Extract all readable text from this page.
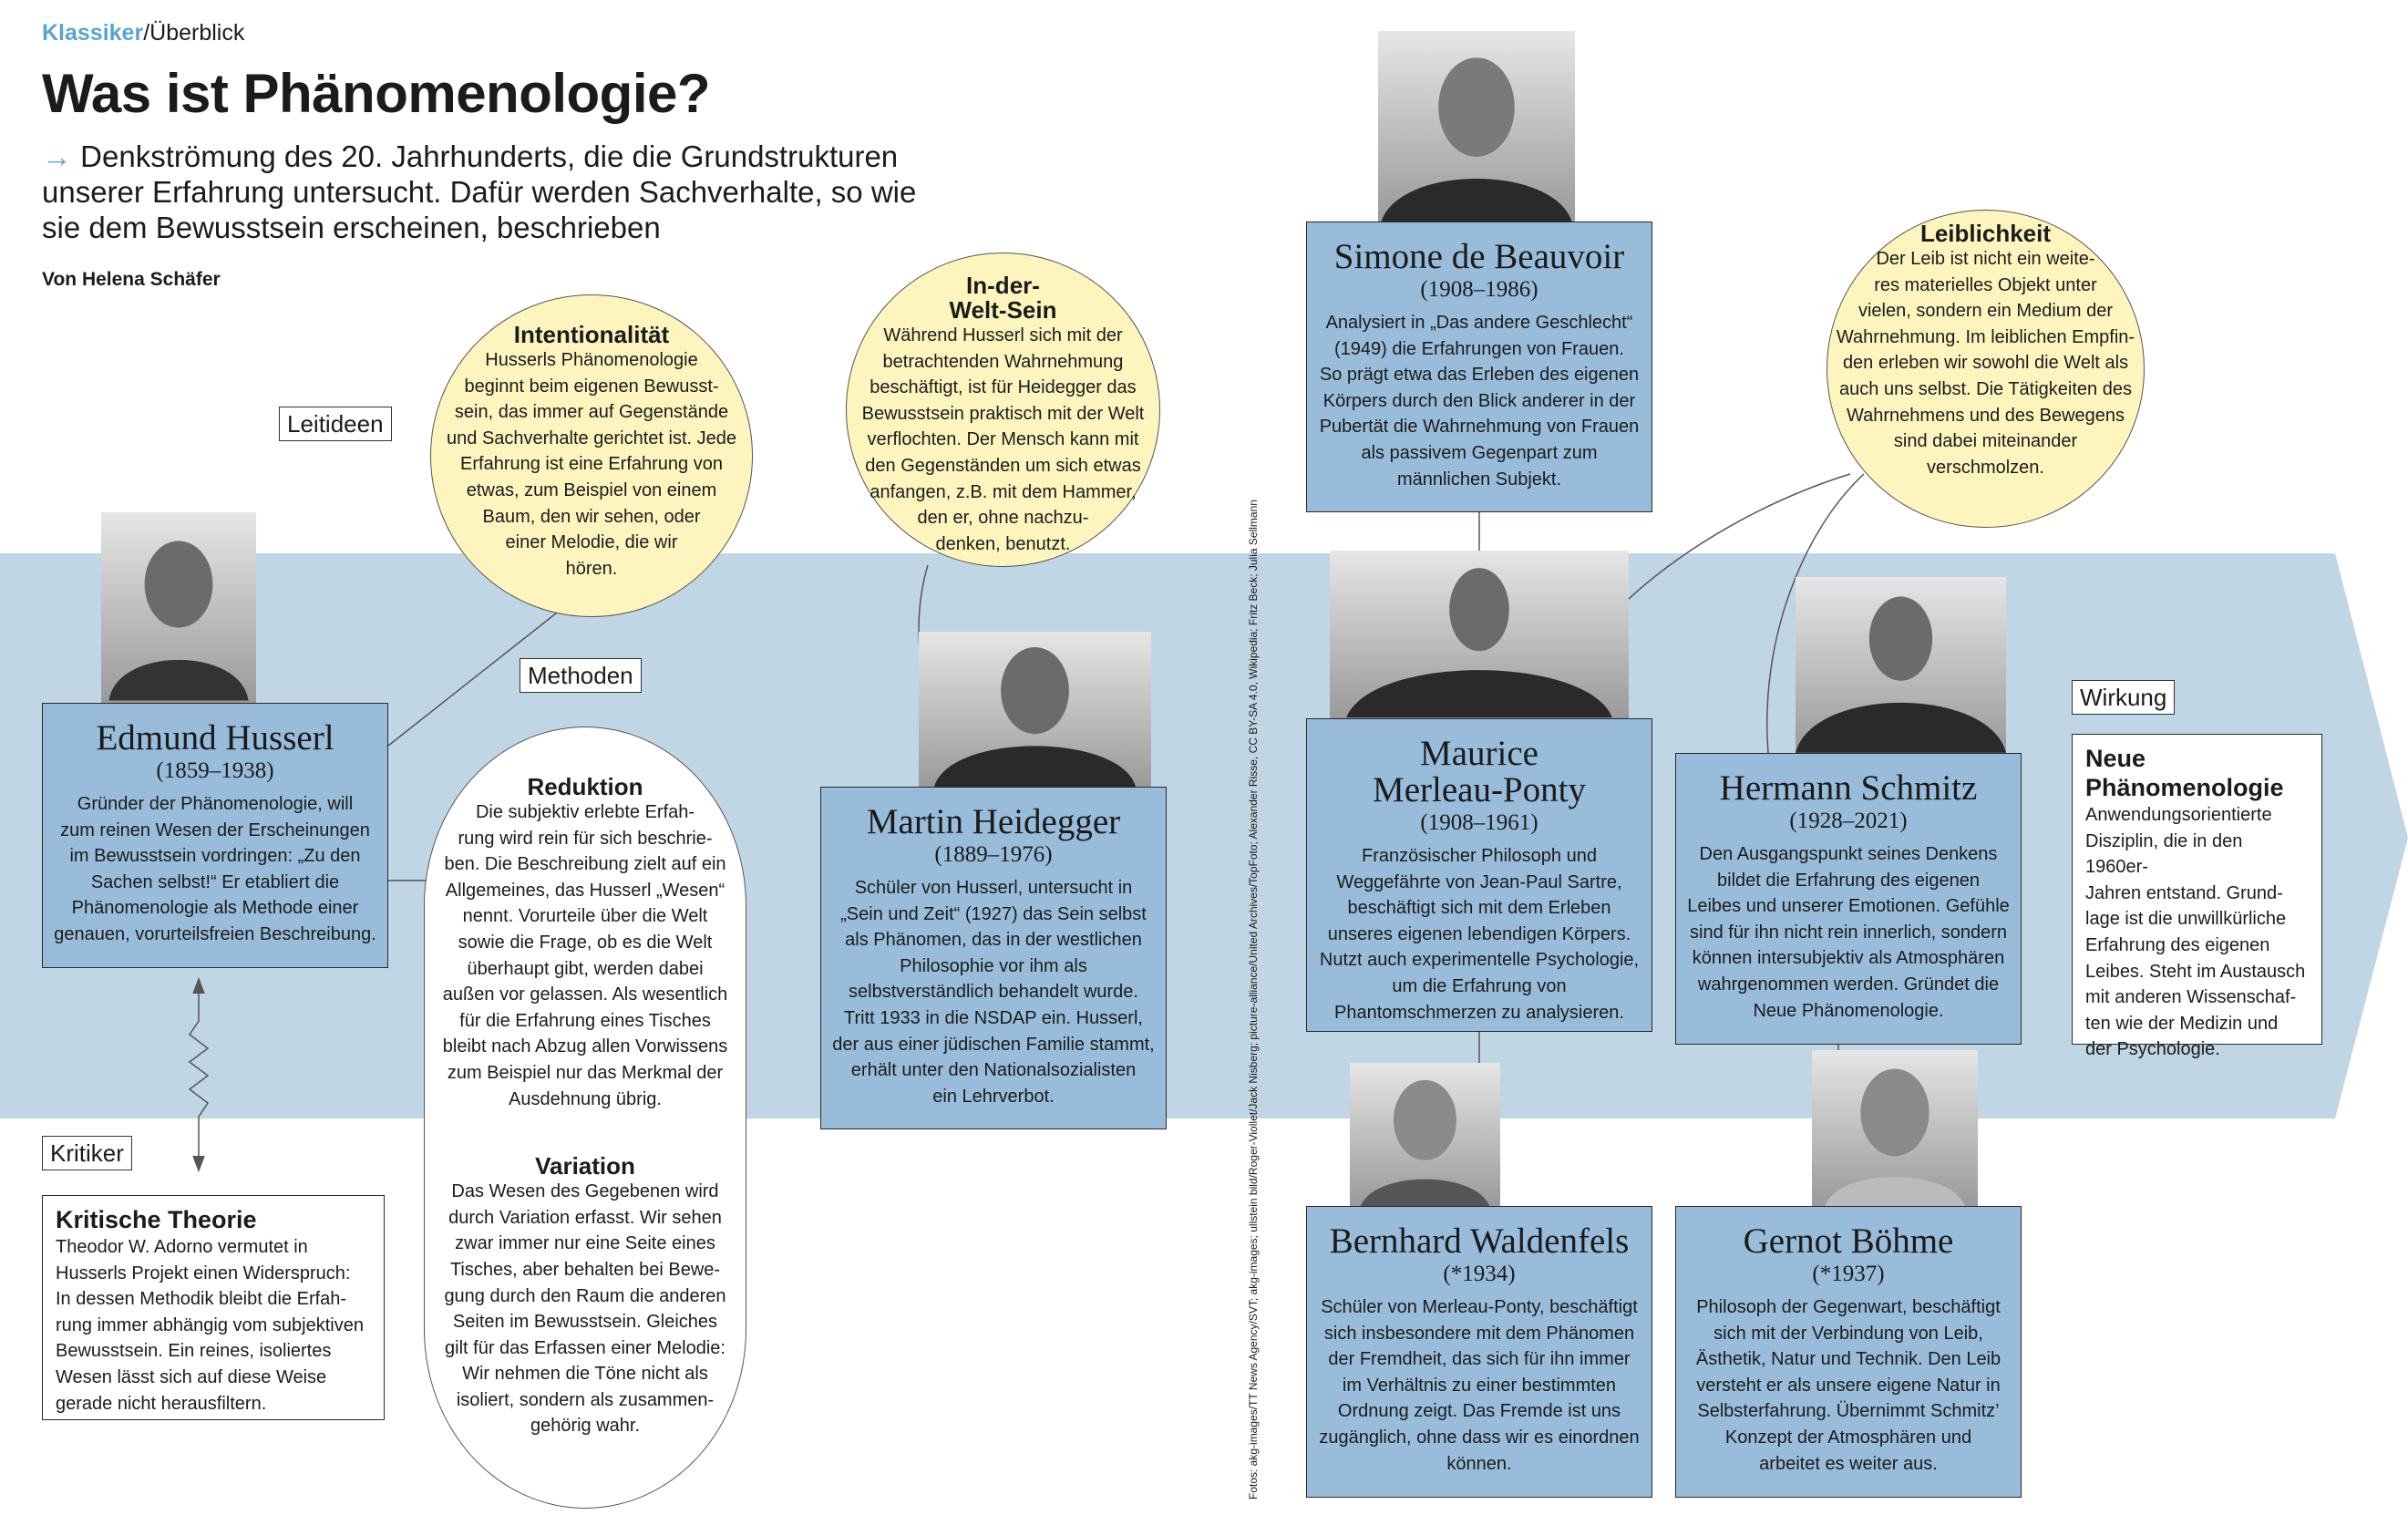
Klassiker/Überblick
Was ist Phänomenologie?
→ Denkströmung des 20. Jahrhunderts, die die Grundstrukturen
unserer Erfahrung untersucht. Dafür werden Sachverhalte, so wie
sie dem Bewusstsein erscheinen, beschrieben
Von Helena Schäfer
Leitideen
Methoden
Kritiker
Wirkung
Edmund Husserl
(1859–1938)
Gründer der Phänomenologie, will
zum reinen Wesen der Erscheinungen
im Bewusstsein vordringen: „Zu den
Sachen selbst!“ Er etabliert die
Phänomenologie als Methode einer
genauen, vorurteilsfreien Beschreibung.
Martin Heidegger
(1889–1976)
Schüler von Husserl, untersucht in
„Sein und Zeit“ (1927) das Sein selbst
als Phänomen, das in der westlichen
Philosophie vor ihm als
selbstverständlich behandelt wurde.
Tritt 1933 in die NSDAP ein. Husserl,
der aus einer jüdischen Familie stammt,
erhält unter den Nationalsozialisten
ein Lehrverbot.
Simone de Beauvoir
(1908–1986)
Analysiert in „Das andere Geschlecht“
(1949) die Erfahrungen von Frauen.
So prägt etwa das Erleben des eigenen
Körpers durch den Blick anderer in der
Pubertät die Wahrnehmung von Frauen
als passivem Gegenpart zum
männlichen Subjekt.
Maurice
Merleau-Ponty
(1908–1961)
Französischer Philosoph und
Weggefährte von Jean-Paul Sartre,
beschäftigt sich mit dem Erleben
unseres eigenen lebendigen Körpers.
Nutzt auch experimentelle Psychologie,
um die Erfahrung von
Phantomschmerzen zu analysieren.
Hermann Schmitz
(1928–2021)
Den Ausgangspunkt seines Denkens
bildet die Erfahrung des eigenen
Leibes und unserer Emotionen. Gefühle
sind für ihn nicht rein innerlich, sondern
können intersubjektiv als Atmosphären
wahrgenommen werden. Gründet die
Neue Phänomenologie.
Bernhard Waldenfels
(*1934)
Schüler von Merleau-Ponty, beschäftigt
sich insbesondere mit dem Phänomen
der Fremdheit, das sich für ihn immer
im Verhältnis zu einer bestimmten
Ordnung zeigt. Das Fremde ist uns
zugänglich, ohne dass wir es einordnen
können.
Gernot Böhme
(*1937)
Philosoph der Gegenwart, beschäftigt
sich mit der Verbindung von Leib,
Ästhetik, Natur und Technik. Den Leib
versteht er als unsere eigene Natur in
Selbsterfahrung. Übernimmt Schmitz’
Konzept der Atmosphären und
arbeitet es weiter aus.
Intentionalität
Husserls Phänomenologie
beginnt beim eigenen Bewusst-
sein, das immer auf Gegenstände
und Sachverhalte gerichtet ist. Jede
Erfahrung ist eine Erfahrung von
etwas, zum Beispiel von einem
Baum, den wir sehen, oder
einer Melodie, die wir
hören.
In-der-
Welt-Sein
Während Husserl sich mit der
betrachtenden Wahrnehmung
beschäftigt, ist für Heidegger das
Bewusstsein praktisch mit der Welt
verflochten. Der Mensch kann mit
den Gegenständen um sich etwas
anfangen, z.B. mit dem Hammer,
den er, ohne nachzu-
denken, benutzt.
Leiblichkeit
Der Leib ist nicht ein weite-
res materielles Objekt unter
vielen, sondern ein Medium der
Wahrnehmung. Im leiblichen Empfin-
den erleben wir sowohl die Welt als
auch uns selbst. Die Tätigkeiten des
Wahrnehmens und des Bewegens
sind dabei miteinander
verschmolzen.
Reduktion
Die subjektiv erlebte Erfah-
rung wird rein für sich beschrie-
ben. Die Beschreibung zielt auf ein
Allgemeines, das Husserl „Wesen“
nennt. Vorurteile über die Welt
sowie die Frage, ob es die Welt
überhaupt gibt, werden dabei
außen vor gelassen. Als wesentlich
für die Erfahrung eines Tisches
bleibt nach Abzug allen Vorwissens
zum Beispiel nur das Merkmal der
Ausdehnung übrig.
Variation
Das Wesen des Gegebenen wird
durch Variation erfasst. Wir sehen
zwar immer nur eine Seite eines
Tisches, aber behalten bei Bewe-
gung durch den Raum die anderen
Seiten im Bewusstsein. Gleiches
gilt für das Erfassen einer Melodie:
Wir nehmen die Töne nicht als
isoliert, sondern als zusammen-
gehörig wahr.
Kritische Theorie
Theodor W. Adorno vermutet in
Husserls Projekt einen Widerspruch:
In dessen Methodik bleibt die Erfah-
rung immer abhängig vom subjektiven
Bewusstsein. Ein reines, isoliertes
Wesen lässt sich auf diese Weise
gerade nicht herausfiltern.
Neue
Phänomenologie
Anwendungsorientierte
Disziplin, die in den 1960er-
Jahren entstand. Grund-
lage ist die unwillkürliche
Erfahrung des eigenen
Leibes. Steht im Austausch
mit anderen Wissenschaf-
ten wie der Medizin und
der Psychologie.
Fotos: akg-images/TT News Agency/SVT; akg-images; ullstein bild/Roger-Viollet/Jack Nisberg; picture-alliance/United Archives/TopFoto; Alexander Risse, CC BY-SA 4.0, Wikipedia; Fritz Beck; Julia Sellmann
